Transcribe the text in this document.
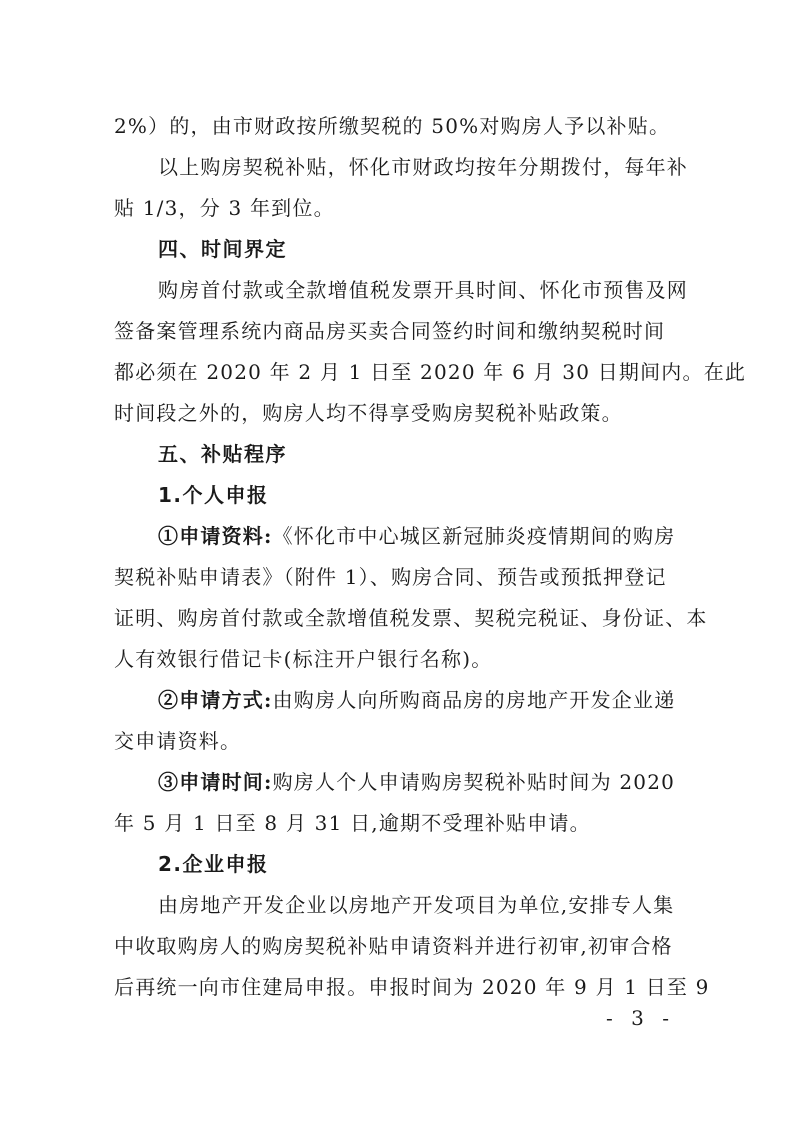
2%）的，由市财政按所缴契税的 50%对购房人予以补贴。
以上购房契税补贴，怀化市财政均按年分期拨付，每年补
贴 1/3，分 3 年到位。
四、时间界定
购房首付款或全款增值税发票开具时间、怀化市预售及网
签备案管理系统内商品房买卖合同签约时间和缴纳契税时间
都必须在 2020 年 2 月 1 日至 2020 年 6 月 30 日期间内。在此
时间段之外的，购房人均不得享受购房契税补贴政策。
五、补贴程序
1.个人申报
①申请资料:《怀化市中心城区新冠肺炎疫情期间的购房
契税补贴申请表》（附件 1）、购房合同、预告或预抵押登记
证明、购房首付款或全款增值税发票、契税完税证、身份证、本
人有效银行借记卡(标注开户银行名称)。
②申请方式:由购房人向所购商品房的房地产开发企业递
交申请资料。
③申请时间:购房人个人申请购房契税补贴时间为 2020
年 5 月 1 日至 8 月 31 日,逾期不受理补贴申请。
2.企业申报
由房地产开发企业以房地产开发项目为单位,安排专人集
中收取购房人的购房契税补贴申请资料并进行初审,初审合格
后再统一向市住建局申报。申报时间为 2020 年 9 月 1 日至 9
- 3 -
